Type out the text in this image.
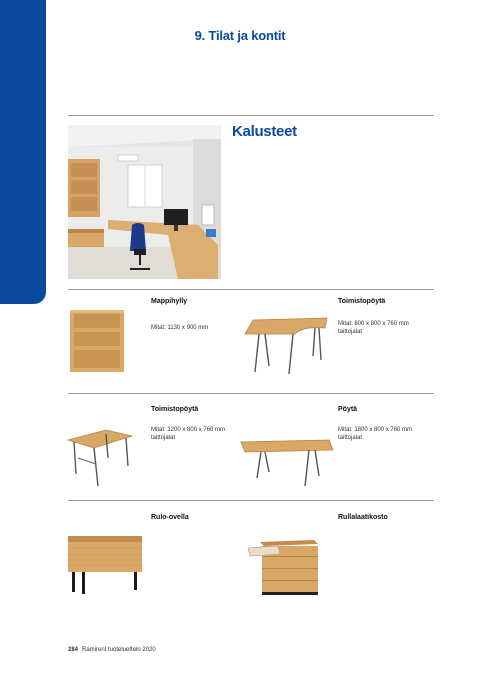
9. Tilat ja kontit
Kalusteet
Mappihylly
Mitat: 1130 x 900 mm
Toimistopöytä
Mitat: 800 x 800 x 760 mm
taittojalat
Toimistopöytä
Mitat: 1200 x 800 x 760 mm
taittojalat
Pöytä
Mitat: 1800 x 800 x 760 mm
taittojalat
Rulo-ovella	Rullalaatikosto
284 Ramirent tuoteluettelo 2020
